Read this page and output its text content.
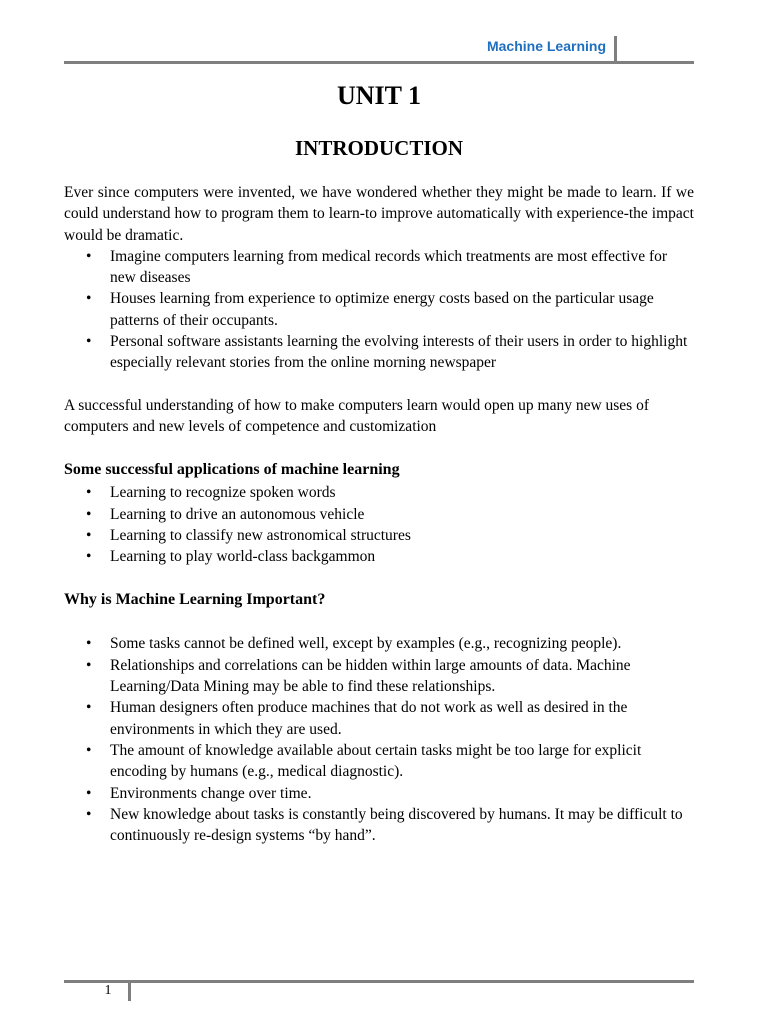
Machine Learning
UNIT 1
INTRODUCTION

Ever since computers were invented, we have wondered whether they might be made to learn. If we could understand how to program them to learn-to improve automatically with experience-the impact would be dramatic.

• Imagine computers learning from medical records which treatments are most effective for new diseases
• Houses learning from experience to optimize energy costs based on the particular usage patterns of their occupants.
• Personal software assistants learning the evolving interests of their users in order to highlight especially relevant stories from the online morning newspaper

A successful understanding of how to make computers learn would open up many new uses of computers and new levels of competence and customization

Some successful applications of machine learning
• Learning to recognize spoken words
• Learning to drive an autonomous vehicle
• Learning to classify new astronomical structures
• Learning to play world-class backgammon
Why is Machine Learning Important?
• Some tasks cannot be defined well, except by examples (e.g., recognizing people).
• Relationships and correlations can be hidden within large amounts of data. Machine Learning/Data Mining may be able to find these relationships.
• Human designers often produce machines that do not work as well as desired in the environments in which they are used.
• The amount of knowledge available about certain tasks might be too large for explicit encoding by humans (e.g., medical diagnostic).
• Environments change over time.
• New knowledge about tasks is constantly being discovered by humans. It may be difficult to continuously re-design systems “by hand”.
1
